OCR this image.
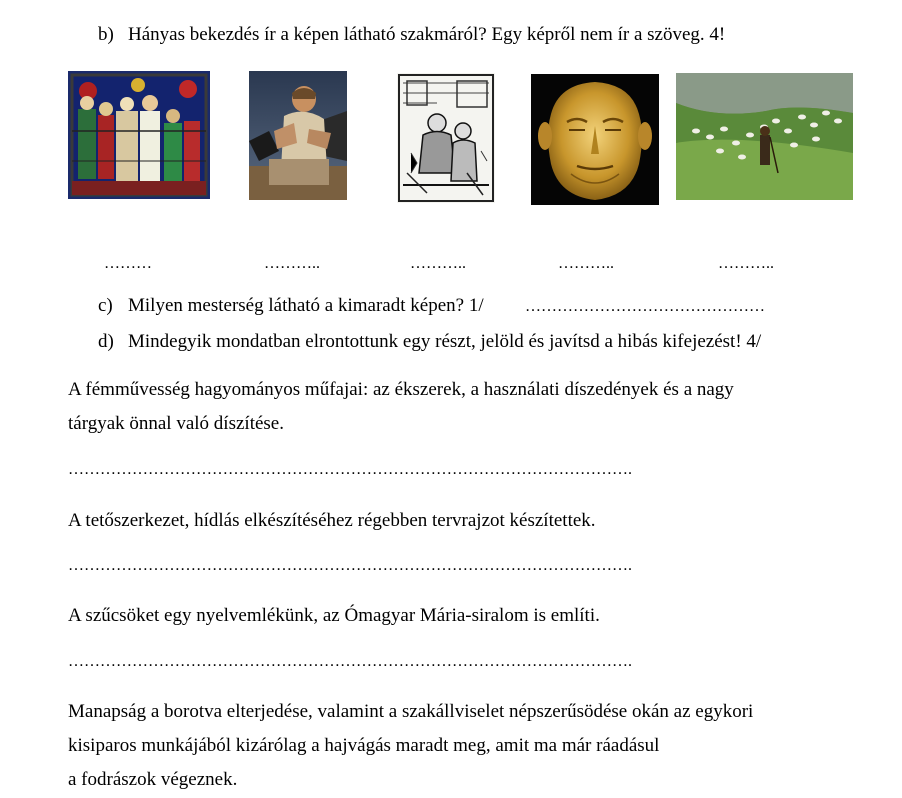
b) Hányas bekezdés ír a képen látható szakmáról? Egy képről nem ír a szöveg. 4!
………	………..	………..	………..	………..
c) Milyen mesterség látható a kimaradt képen? 1/	………………………………………
d) Mindegyik mondatban elrontottunk egy részt, jelöld és javítsd a hibás kifejezést! 4/
A fémművesség hagyományos műfajai: az ékszerek, a használati díszedények és a nagy
tárgyak önnal való díszítése.
…………………………………………………………………………………………….
A tetőszerkezet, hídlás elkészítéséhez régebben tervrajzot készítettek.
…………………………………………………………………………………………….
A szűcsöket egy nyelvemlékünk, az Ómagyar Mária-siralom is említi.
…………………………………………………………………………………………….
Manapság a borotva elterjedése, valamint a szakállviselet népszerűsödése okán az egykori
kisiparos munkájából kizárólag a hajvágás maradt meg, amit ma már ráadásul
a fodrászok végeznek.
